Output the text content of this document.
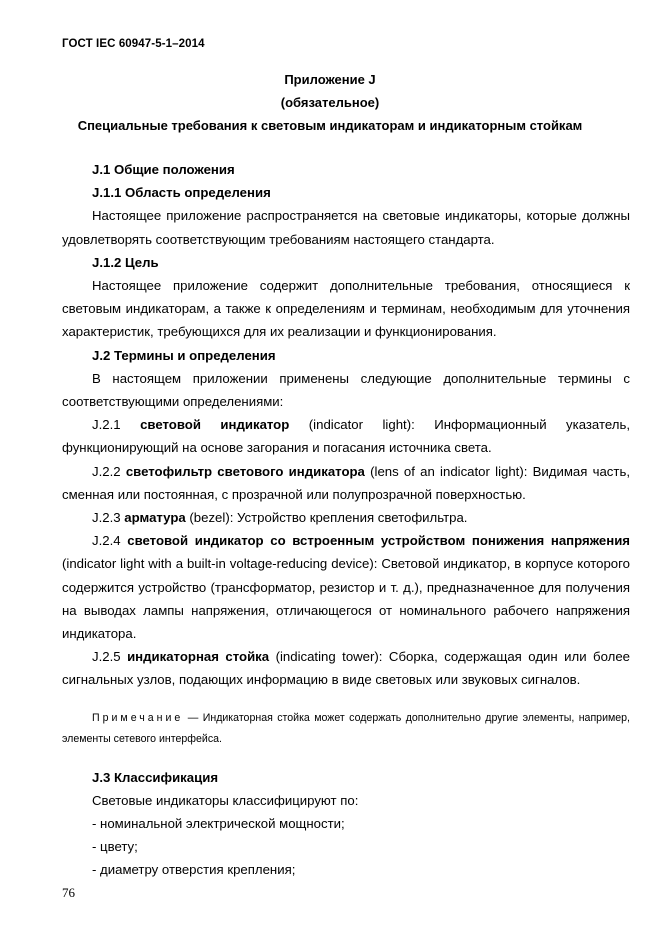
ГОСТ IEC 60947-5-1–2014
Приложение J
(обязательное)
Специальные требования к световым индикаторам и индикаторным стойкам

J.1 Общие положения

J.1.1 Область определения

Настоящее приложение распространяется на световые индикаторы, которые должны удовлетворять соответствующим требованиям настоящего стандарта.

J.1.2 Цель

Настоящее приложение содержит дополнительные требования, относящиеся к световым индикаторам, а также к определениям и терминам, необходимым для уточнения характеристик, требующихся для их реализации и функционирования.

J.2 Термины и определения

В настоящем приложении применены следующие дополнительные термины с соответствующими определениями:

J.2.1 световой индикатор (indicator light): Информационный указатель, функционирующий на основе загорания и погасания источника света.

J.2.2 светофильтр светового индикатора (lens of an indicator light): Видимая часть, сменная или постоянная, с прозрачной или полупрозрачной поверхностью.

J.2.3 арматура (bezel): Устройство крепления светофильтра.

J.2.4 световой индикатор со встроенным устройством понижения напряжения (indicator light with a built-in voltage-reducing device): Световой индикатор, в корпусе которого содержится устройство (трансформатор, резистор и т. д.), предназначенное для получения на выводах лампы напряжения, отличающегося от номинального рабочего напряжения индикатора.

J.2.5 индикаторная стойка (indicating tower): Сборка, содержащая один или более сигнальных узлов, подающих информацию в виде световых или звуковых сигналов.

Примечание — Индикаторная стойка может содержать дополнительно другие элементы, например, элементы сетевого интерфейса.

J.3 Классификация

Световые индикаторы классифицируют по:

- номинальной электрической мощности;

- цвету;

- диаметру отверстия крепления;

76
